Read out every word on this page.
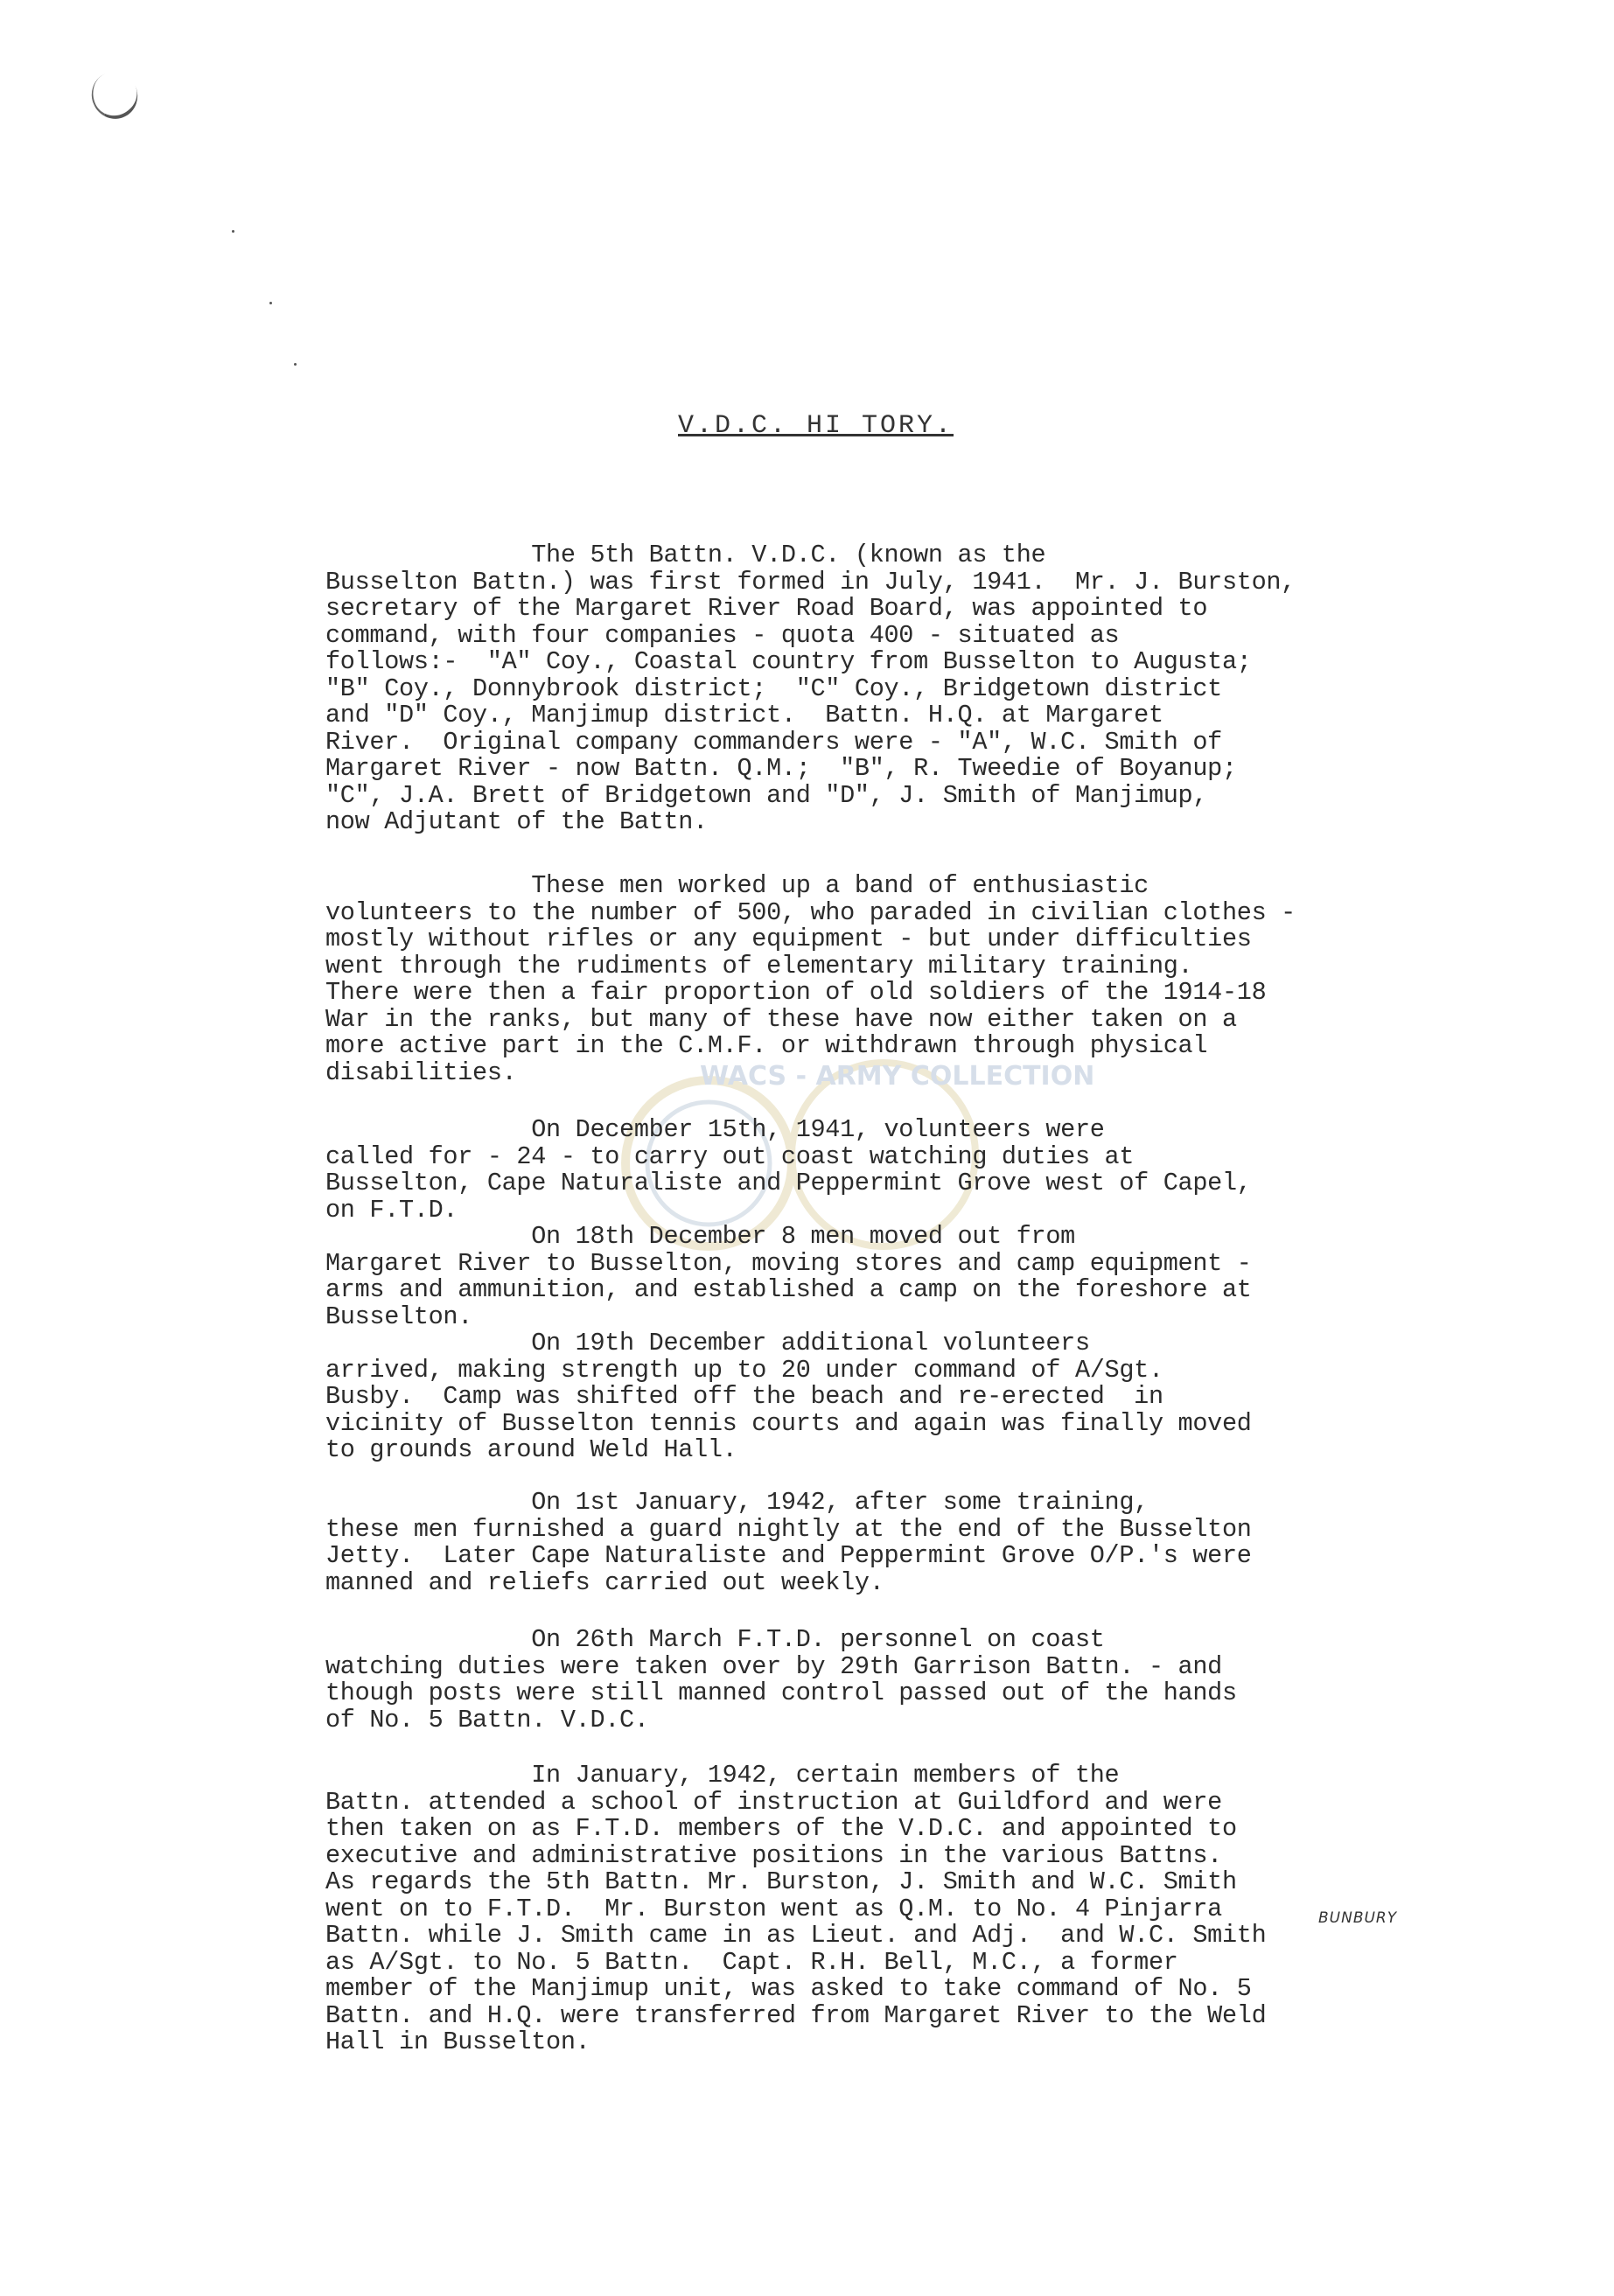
WACS - ARMY COLLECTION
V.D.C. HI TORY.

The 5th Battn. V.D.C. (known as the
Busselton Battn.) was first formed in July, 1941.  Mr. J. Burston,
secretary of the Margaret River Road Board, was appointed to
command, with four companies - quota 400 - situated as
follows:-  "A" Coy., Coastal country from Busselton to Augusta;
"B" Coy., Donnybrook district;  "C" Coy., Bridgetown district
and "D" Coy., Manjimup district.  Battn. H.Q. at Margaret
River.  Original company commanders were - "A", W.C. Smith of
Margaret River - now Battn. Q.M.;  "B", R. Tweedie of Boyanup;
"C", J.A. Brett of Bridgetown and "D", J. Smith of Manjimup,
now Adjutant of the Battn.

These men worked up a band of enthusiastic
volunteers to the number of 500, who paraded in civilian clothes -
mostly without rifles or any equipment - but under difficulties
went through the rudiments of elementary military training.
There were then a fair proportion of old soldiers of the 1914-18
War in the ranks, but many of these have now either taken on a
more active part in the C.M.F. or withdrawn through physical
disabilities.

On December 15th, 1941, volunteers were
called for - 24 - to carry out coast watching duties at
Busselton, Cape Naturaliste and Peppermint Grove west of Capel,
on F.T.D.

On 18th December 8 men moved out from
Margaret River to Busselton, moving stores and camp equipment -
arms and ammunition, and established a camp on the foreshore at
Busselton.

On 19th December additional volunteers
arrived, making strength up to 20 under command of A/Sgt.
Busby.  Camp was shifted off the beach and re-erected  in
vicinity of Busselton tennis courts and again was finally moved
to grounds around Weld Hall.

On 1st January, 1942, after some training,
these men furnished a guard nightly at the end of the Busselton
Jetty.  Later Cape Naturaliste and Peppermint Grove O/P.'s were
manned and reliefs carried out weekly.

On 26th March F.T.D. personnel on coast
watching duties were taken over by 29th Garrison Battn. - and
though posts were still manned control passed out of the hands
of No. 5 Battn. V.D.C.

In January, 1942, certain members of the
Battn. attended a school of instruction at Guildford and were
then taken on as F.T.D. members of the V.D.C. and appointed to
executive and administrative positions in the various Battns.
As regards the 5th Battn. Mr. Burston, J. Smith and W.C. Smith
went on to F.T.D.  Mr. Burston went as Q.M. to No. 4 Pinjarra
Battn. while J. Smith came in as Lieut. and Adj.  and W.C. Smith
as A/Sgt. to No. 5 Battn.  Capt. R.H. Bell, M.C., a former
member of the Manjimup unit, was asked to take command of No. 5
Battn. and H.Q. were transferred from Margaret River to the Weld
Hall in Busselton.

BUNBURY
